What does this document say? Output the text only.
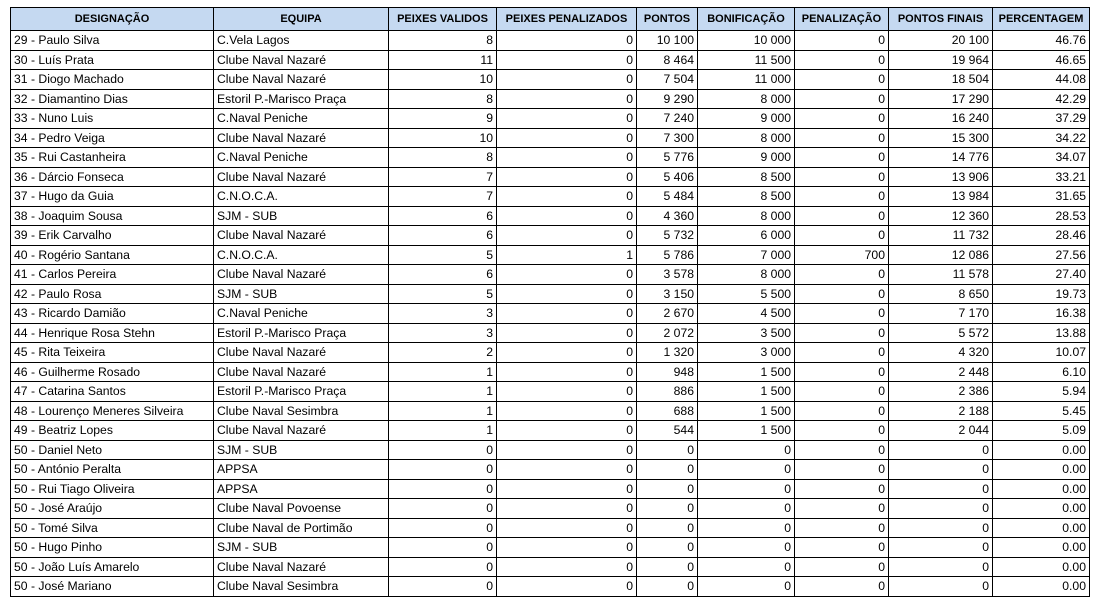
DESIGNAÇÃO	EQUIPA	PEIXES VALIDOS	PEIXES PENALIZADOS	PONTOS	BONIFICAÇÃO	PENALIZAÇÃO	PONTOS FINAIS	PERCENTAGEM
29 - Paulo Silva	C.Vela Lagos	8	0	10 100	10 000	0	20 100	46.76
30 - Luís Prata	Clube Naval Nazaré	11	0	8 464	11 500	0	19 964	46.65
31 - Diogo Machado	Clube Naval Nazaré	10	0	7 504	11 000	0	18 504	44.08
32 - Diamantino Dias	Estoril P.-Marisco Praça	8	0	9 290	8 000	0	17 290	42.29
33 - Nuno Luis	C.Naval Peniche	9	0	7 240	9 000	0	16 240	37.29
34 - Pedro Veiga	Clube Naval Nazaré	10	0	7 300	8 000	0	15 300	34.22
35 - Rui Castanheira	C.Naval Peniche	8	0	5 776	9 000	0	14 776	34.07
36 - Dárcio Fonseca	Clube Naval Nazaré	7	0	5 406	8 500	0	13 906	33.21
37 - Hugo da Guia	C.N.O.C.A.	7	0	5 484	8 500	0	13 984	31.65
38 - Joaquim Sousa	SJM - SUB	6	0	4 360	8 000	0	12 360	28.53
39 - Erik Carvalho	Clube Naval Nazaré	6	0	5 732	6 000	0	11 732	28.46
40 - Rogério Santana	C.N.O.C.A.	5	1	5 786	7 000	700	12 086	27.56
41 - Carlos Pereira	Clube Naval Nazaré	6	0	3 578	8 000	0	11 578	27.40
42 - Paulo Rosa	SJM - SUB	5	0	3 150	5 500	0	8 650	19.73
43 - Ricardo Damião	C.Naval Peniche	3	0	2 670	4 500	0	7 170	16.38
44 - Henrique Rosa Stehn	Estoril P.-Marisco Praça	3	0	2 072	3 500	0	5 572	13.88
45 - Rita Teixeira	Clube Naval Nazaré	2	0	1 320	3 000	0	4 320	10.07
46 - Guilherme Rosado	Clube Naval Nazaré	1	0	948	1 500	0	2 448	6.10
47 - Catarina Santos	Estoril P.-Marisco Praça	1	0	886	1 500	0	2 386	5.94
48 - Lourenço Meneres Silveira	Clube Naval Sesimbra	1	0	688	1 500	0	2 188	5.45
49 - Beatriz Lopes	Clube Naval Nazaré	1	0	544	1 500	0	2 044	5.09
50 - Daniel Neto	SJM - SUB	0	0	0	0	0	0	0.00
50 - António Peralta	APPSA	0	0	0	0	0	0	0.00
50 - Rui Tiago Oliveira	APPSA	0	0	0	0	0	0	0.00
50 - José Araújo	Clube Naval Povoense	0	0	0	0	0	0	0.00
50 - Tomé Silva	Clube Naval de Portimão	0	0	0	0	0	0	0.00
50 - Hugo Pinho	SJM - SUB	0	0	0	0	0	0	0.00
50 - João Luís Amarelo	Clube Naval Nazaré	0	0	0	0	0	0	0.00
50 - José Mariano	Clube Naval Sesimbra	0	0	0	0	0	0	0.00
